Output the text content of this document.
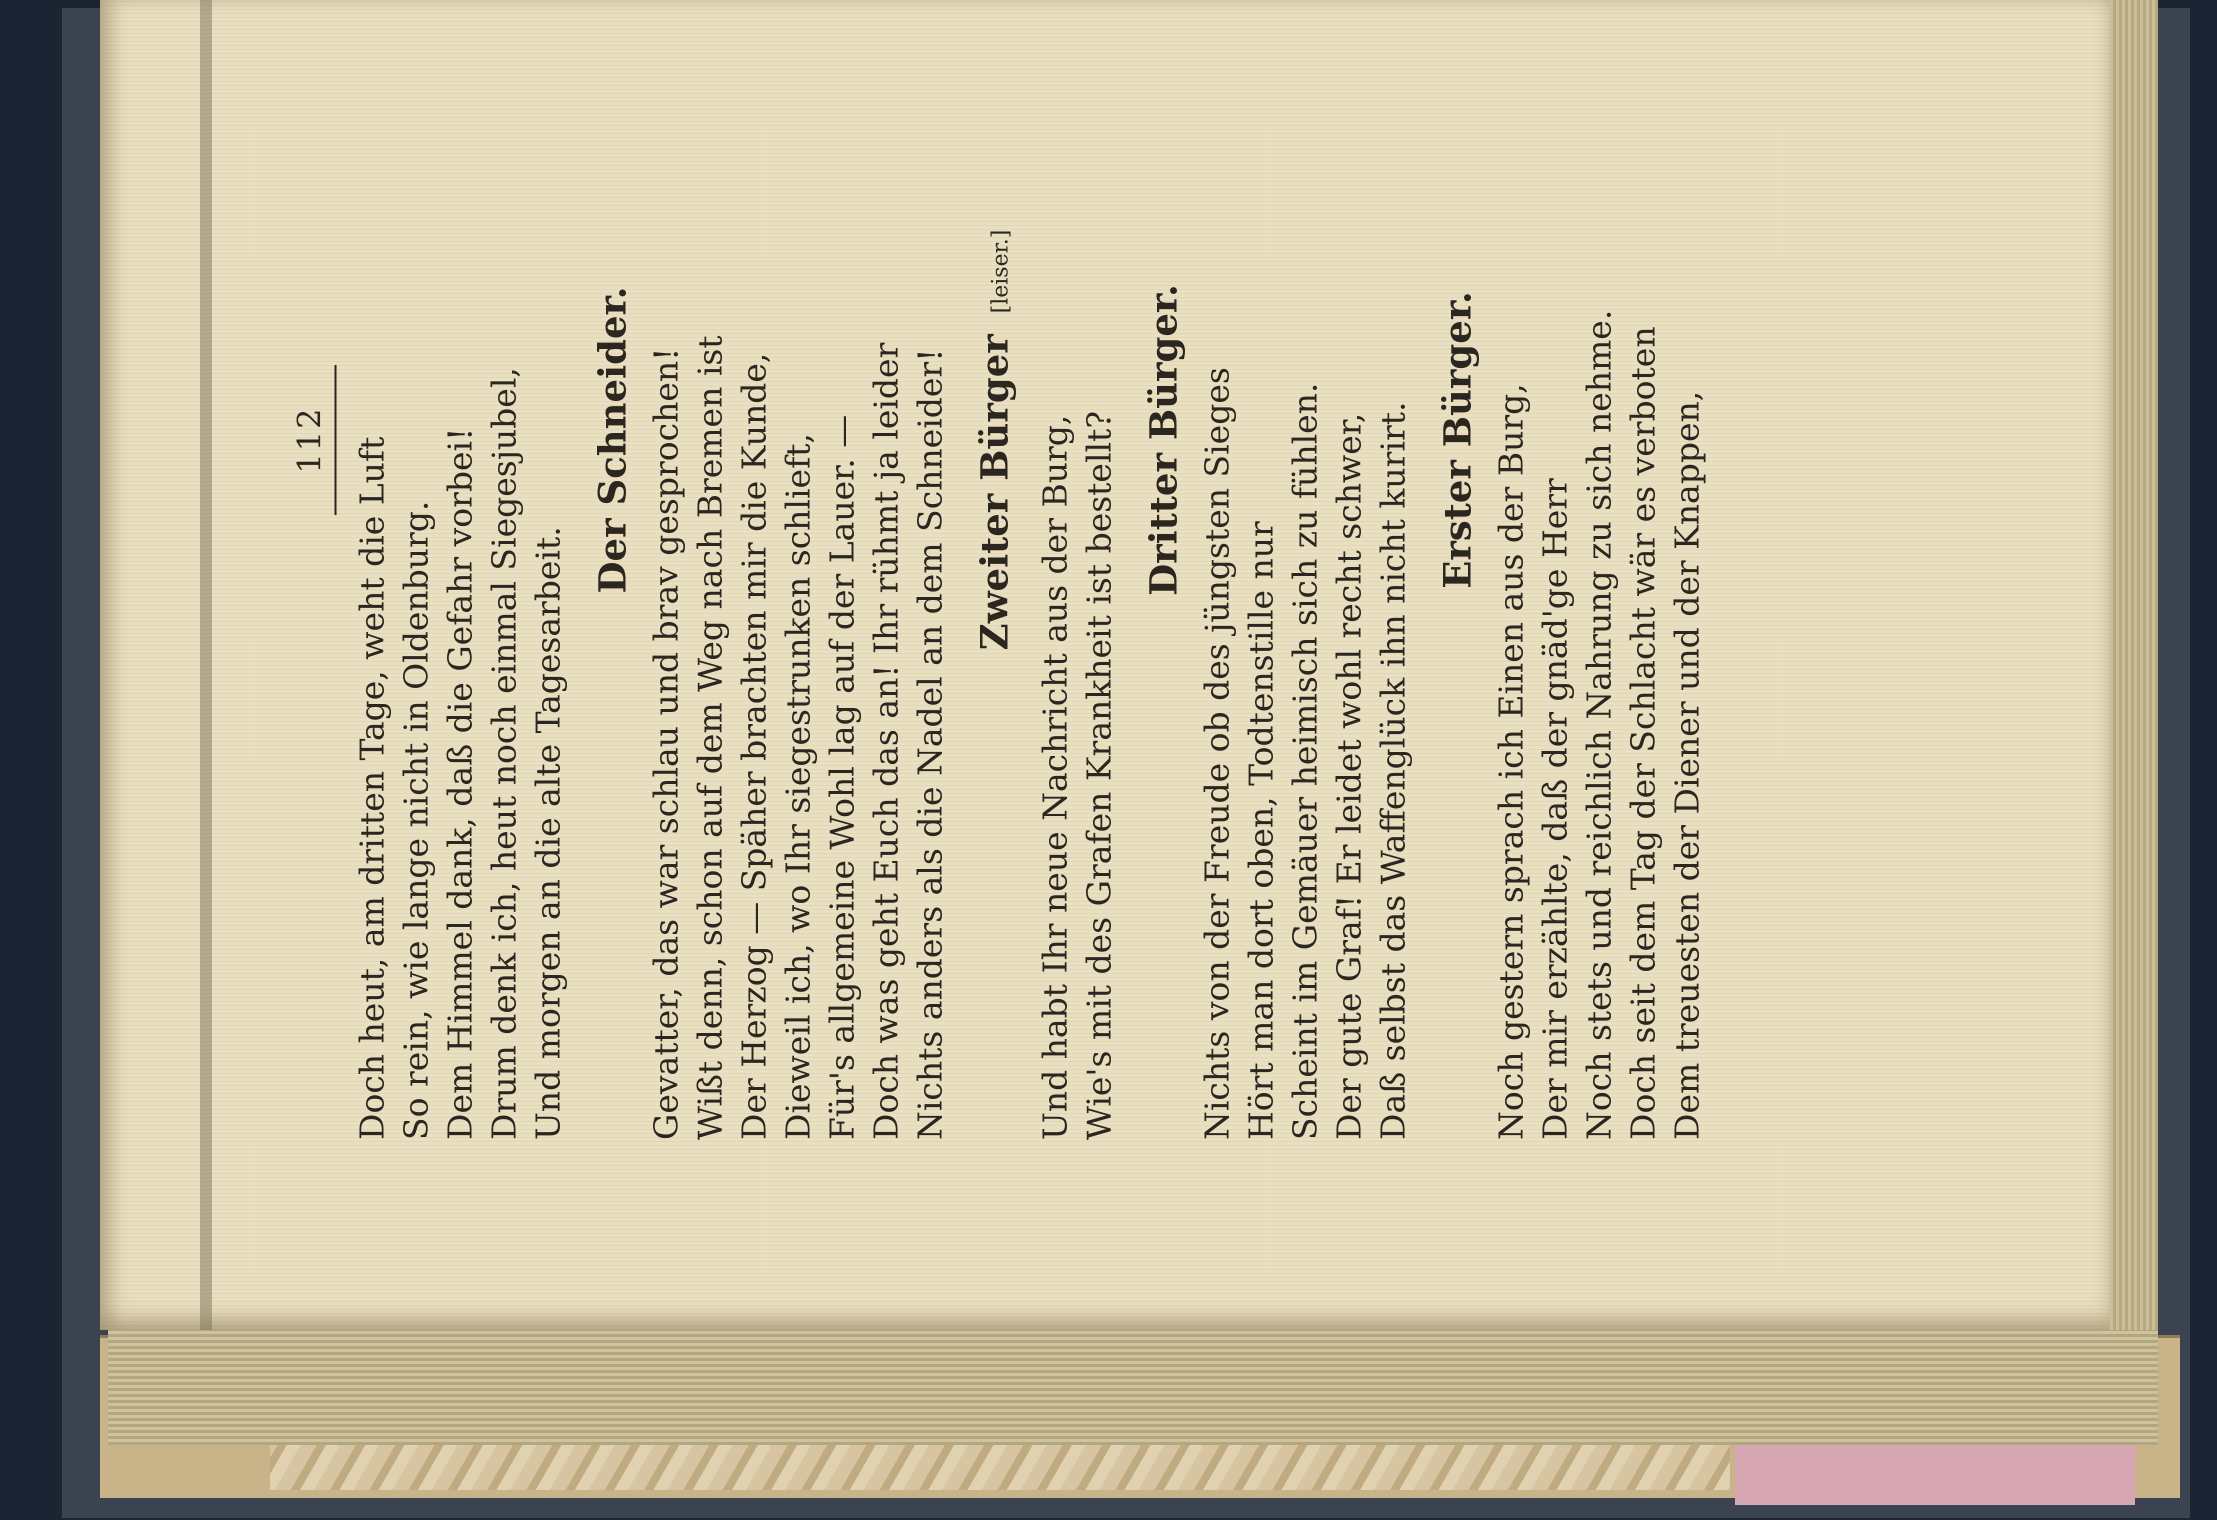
112 Doch heut, am dritten Tage, weht die Luft So rein, wie lange nicht in Oldenburg. Dem Himmel dank, daß die Gefahr vorbei! Drum denk ich, heut noch einmal Siegesjubel, Und morgen an die alte Tagesarbeit.
Der Schneider. Gevatter, das war schlau und brav gesprochen! Wißt denn, schon auf dem Weg nach Bremen ist Der Herzog — Späher brachten mir die Kunde, Dieweil ich, wo Ihr siegestrunken schlieft, Für's allgemeine Wohl lag auf der Lauer. — Doch was geht Euch das an! Ihr rühmt ja leider Nichts anders als die Nadel an dem Schneider! Zweiter Bürger [leiser.]
Und habt Ihr neue Nachricht aus der Burg, Wie's mit des Grafen Krankheit ist bestellt? Dritter Bürger. Nichts von der Freude ob des jüngsten Sieges Hört man dort oben, Todtenstille nur Scheint im Gemäuer heimisch sich zu fühlen. Der gute Graf! Er leidet wohl recht schwer, Daß selbst das Waffenglück ihn nicht kurirt. Erster Bürger. Noch gestern sprach ich Einen aus der Burg, Der mir erzählte, daß der gnäd'ge Herr Noch stets und reichlich Nahrung zu sich nehme. Doch seit dem Tag der Schlacht wär es verboten Dem treuesten der Diener und der Knappen,
